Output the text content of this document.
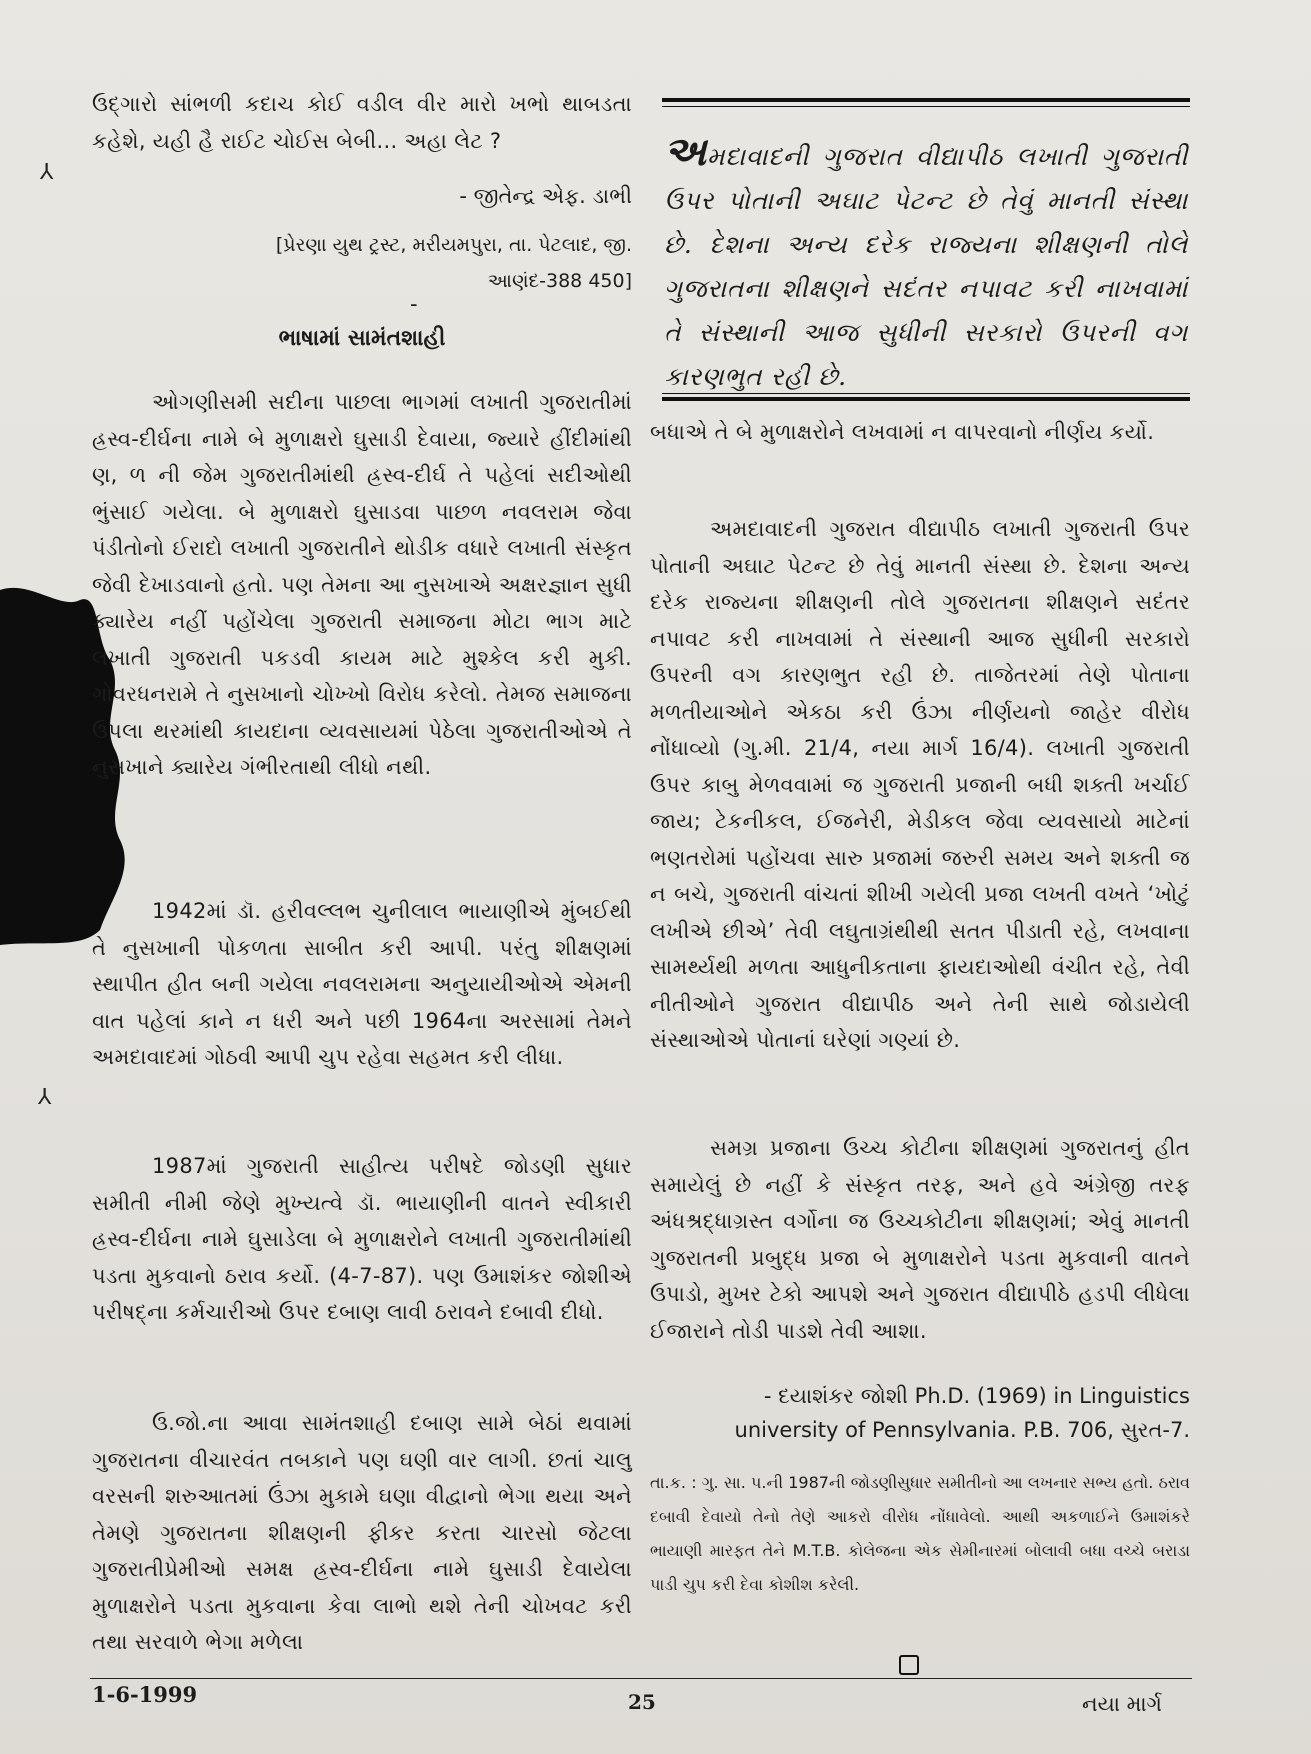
⅄
⅄

ઉદ્ગારો સાંભળી કદાચ કોઈ વડીલ વીર મારો ખભો થાબડતા કહેશે, યહી હૈ રાઈટ ચોઈસ બેબી... અહા લેટ ?

- જીતેન્દ્ર એફ. ડાભી
[પ્રેરણા યુથ ટ્રસ્ટ, મરીયમપુરા, તા. પેટલાદ, જી.
આણંદ-388 450]
-
ભાષામાં સામંતશાહી

ઓગણીસમી સદીના પાછલા ભાગમાં લખાતી ગુજરાતીમાં હ્રસ્વ-દીર્ઘના નામે બે મુળાક્ષરો ઘુસાડી દેવાયા, જ્યારે હીંદીમાંથી ણ, ળ ની જેમ ગુજરાતીમાંથી હ્રસ્વ-દીર્ઘ તે પહેલાં સદીઓથી ભુંસાઈ ગયેલા. બે મુળાક્ષરો ઘુસાડવા પાછળ નવલરામ જેવા પંડીતોનો ઈરાદો લખાતી ગુજરાતીને થોડીક વધારે લખાતી સંસ્કૃત જેવી દેખાડવાનો હતો. પણ તેમના આ નુસખાએ અક્ષરજ્ઞાન સુધી ક્યારેય નહીં પહોંચેલા ગુજરાતી સમાજના મોટા ભાગ માટે લખાતી ગુજરાતી પકડવી કાયમ માટે મુશ્કેલ કરી મુકી. ગોવરધનરામે તે નુસખાનો ચોખ્ખો વિરોધ કરેલો. તેમજ સમાજના ઉપલા થરમાંથી કાયદાના વ્યવસાયમાં પેઠેલા ગુજરાતીઓએ તે નુસખાને ક્યારેય ગંભીરતાથી લીધો નથી.

1942માં ડૉ. હરીવલ્લભ ચુનીલાલ ભાયાણીએ મુંબઈથી તે નુસખાની પોકળતા સાબીત કરી આપી. પરંતુ શીક્ષણમાં સ્થાપીત હીત બની ગયેલા નવલરામના અનુયાયીઓએ એમની વાત પહેલાં કાને ન ધરી અને પછી 1964ના અરસામાં તેમને અમદાવાદમાં ગોઠવી આપી ચુપ રહેવા સહમત કરી લીધા.

1987માં ગુજરાતી સાહીત્ય પરીષદે જોડણી સુધાર સમીતી નીમી જેણે મુખ્યત્વે ડૉ. ભાયાણીની વાતને સ્વીકારી હ્રસ્વ-દીર્ઘના નામે ઘુસાડેલા બે મુળાક્ષરોને લખાતી ગુજરાતીમાંથી પડતા મુકવાનો ઠરાવ કર્યો. (4-7-87). પણ ઉમાશંકર જોશીએ પરીષદ્‌ના કર્મચારીઓ ઉપર દબાણ લાવી ઠરાવને દબાવી દીધો.

ઉ.જો.ના આવા સામંતશાહી દબાણ સામે બેઠાં થવામાં ગુજરાતના વીચારવંત તબકાને પણ ઘણી વાર લાગી. છતાં ચાલુ વરસની શરુઆતમાં ઉંઝા મુકામે ઘણા વીદ્વાનો ભેગા થયા અને તેમણે ગુજરાતના શીક્ષણની ફીકર કરતા ચારસો જેટલા ગુજરાતીપ્રેમીઓ સમક્ષ હ્રસ્વ-દીર્ઘના નામે ઘુસાડી દેવાયેલા મુળાક્ષરોને પડતા મુકવાના કેવા લાભો થશે તેની ચોખવટ કરી તથા સરવાળે ભેગા મળેલા

અમદાવાદની ગુજરાત વીદ્યાપીઠ લખાતી ગુજરાતી ઉપર પોતાની અઘાટ પેટન્ટ છે તેવું માનતી સંસ્થા છે. દેશના અન્ય દરેક રાજ્યના શીક્ષણની તોલે ગુજરાતના શીક્ષણને સદંતર નપાવટ કરી નાખવામાં તે સંસ્થાની આજ સુધીની સરકારો ઉપરની વગ કારણભુત રહી છે.

બધાએ તે બે મુળાક્ષરોને લખવામાં ન વાપરવાનો નીર્ણય કર્યો.

અમદાવાદની ગુજરાત વીદ્યાપીઠ લખાતી ગુજરાતી ઉપર પોતાની અઘાટ પેટન્ટ છે તેવું માનતી સંસ્થા છે. દેશના અન્ય દરેક રાજ્યના શીક્ષણની તોલે ગુજરાતના શીક્ષણને સદંતર નપાવટ કરી નાખવામાં તે સંસ્થાની આજ સુધીની સરકારો ઉપરની વગ કારણભુત રહી છે. તાજેતરમાં તેણે પોતાના મળતીયાઓને એકઠા કરી ઉંઝા નીર્ણયનો જાહેર વીરોધ નોંધાવ્યો (ગુ.મી. 21/4, નયા માર્ગ 16/4). લખાતી ગુજરાતી ઉપર કાબુ મેળવવામાં જ ગુજરાતી પ્રજાની બધી શક્તી ખર્ચાઈ જાય; ટેકનીકલ, ઈજનેરી, મેડીકલ જેવા વ્યવસાયો માટેનાં ભણતરોમાં પહોંચવા સારુ પ્રજામાં જરુરી સમય અને શક્તી જ ન બચે, ગુજરાતી વાંચતાં શીખી ગયેલી પ્રજા લખતી વખતે ‘ખોટું લખીએ છીએ’ તેવી લઘુતાગ્રંથીથી સતત પીડાતી રહે, લખવાના સામર્થ્યથી મળતા આધુનીકતાના ફાયદાઓથી વંચીત રહે, તેવી નીતીઓને ગુજરાત વીદ્યાપીઠ અને તેની સાથે જોડાયેલી સંસ્થાઓએ પોતાનાં ઘરેણાં ગણ્યાં છે.

સમગ્ર પ્રજાના ઉચ્ચ કોટીના શીક્ષણમાં ગુજરાતનું હીત સમાયેલું છે નહીં કે સંસ્કૃત તરફ, અને હવે અંગ્રેજી તરફ અંધશ્રદ્ધાગ્રસ્ત વર્ગોના જ ઉચ્ચકોટીના શીક્ષણમાં; એવું માનતી ગુજરાતની પ્રબુદ્ધ પ્રજા બે મુળાક્ષરોને પડતા મુકવાની વાતને ઉપાડો, મુખર ટેકો આપશે અને ગુજરાત વીદ્યાપીઠે હડપી લીધેલા ઈજારાને તોડી પાડશે તેવી આશા.

- દયાશંકર જોશી Ph.D. (1969) in Linguistics
university of Pennsylvania. P.B. 706, સુરત-7.
તા.ક. : ગુ. સા. પ.ની 1987ની જોડણીસુધાર સમીતીનો આ લખનાર સભ્ય હતો. ઠરાવ દબાવી દેવાયો તેનો તેણે આકરો વીરોધ નોંધાવેલો. આથી અકળાઈને ઉમાશંકરે ભાયાણી મારફત તેને M.T.B. કોલેજના એક સેમીનારમાં બોલાવી બધા વચ્ચે બરાડા પાડી ચુપ કરી દેવા કોશીશ કરેલી.
1-6-1999	25	નયા માર્ગ
